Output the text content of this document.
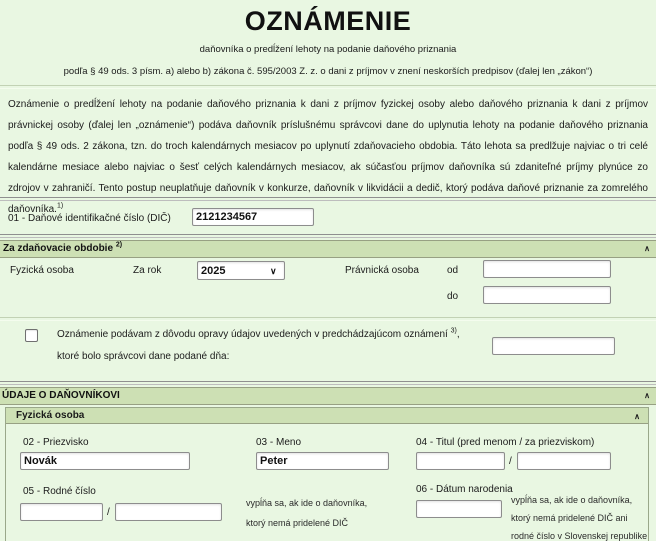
OZNÁMENIE
daňovníka o predĺžení lehoty na podanie daňového priznania
podľa § 49 ods. 3 písm. a) alebo b) zákona č. 595/2003 Z. z. o dani z príjmov v znení neskorších predpisov (ďalej len „zákon“)
Oznámenie o predĺžení lehoty na podanie daňového priznania k dani z príjmov fyzickej osoby alebo daňového priznania k dani z príjmov právnickej osoby (ďalej len „oznámenie“) podáva daňovník príslušnému správcovi dane do uplynutia lehoty na podanie daňového priznania podľa § 49 ods. 2 zákona, tzn. do troch kalendárnych mesiacov po uplynutí zdaňovacieho obdobia. Táto lehota sa predlžuje najviac o tri celé kalendárne mesiace alebo najviac o šesť celých kalendárnych mesiacov, ak súčasťou príjmov daňovníka sú zdaniteľné príjmy plynúce zo zdrojov v zahraničí. Tento postup neuplatňuje daňovník v konkurze, daňovník v likvidácii a dedič, ktorý podáva daňové priznanie za zomrelého daňovníka.$^{1)}$
01 - Daňové identifikačné číslo (DIČ)
2121234567
Za zdaňovacie obdobie $^{2)}$	∧
Fyzická osoba	Za rok
2025	∨	Právnická osoba	od
do
Oznámenie podávam z dôvodu opravy údajov uvedených v predchádzajúcom oznámení $^{3)}$,
ktoré bolo správcovi dane podané dňa:
ÚDAJE O DAŇOVNÍKOVI	∧
Fyzická osoba	∧
02 - Priezvisko
Novák	03 - Meno
Peter	04 - Titul (pred menom / za priezviskom)
/
05 - Rodné číslo
/
vypĺňa sa, ak ide o daňovníka,
ktorý nemá pridelené DIČ
06 - Dátum narodenia
vypĺňa sa, ak ide o daňovníka,
ktorý nemá pridelené DIČ ani
rodné číslo v Slovenskej republike
